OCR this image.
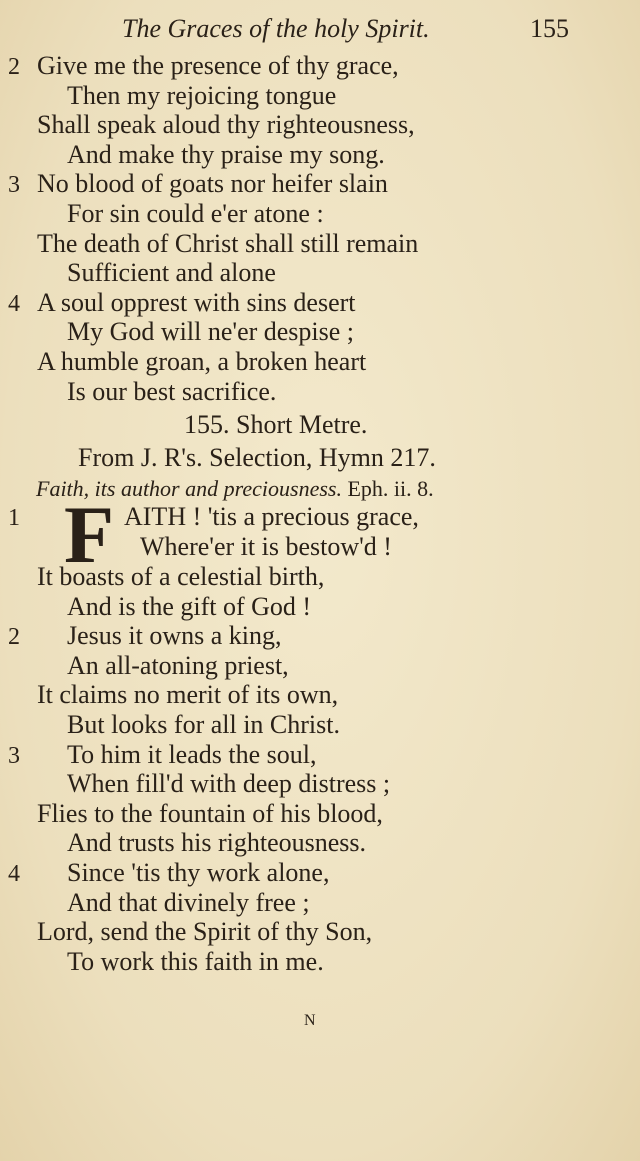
The Graces of the holy Spirit.	155
2 Give me the presence of thy grace,
Then my rejoicing tongue
Shall speak aloud thy righteousness,
And make thy praise my song.
3 No blood of goats nor heifer slain
For sin could e'er atone :
The death of Christ shall still remain
Sufficient and alone
4 A soul opprest with sins desert
My God will ne'er despise ;
A humble groan, a broken heart
Is our best sacrifice.
155. Short Metre.
From J. R's. Selection, Hymn 217.
Faith, its author and preciousness. Eph. ii. 8.
1 F AITH ! 'tis a precious grace,
Where'er it is bestow'd !
It boasts of a celestial birth,
And is the gift of God !
2 Jesus it owns a king,
An all-atoning priest,
It claims no merit of its own,
But looks for all in Christ.
3 To him it leads the soul,
When fill'd with deep distress ;
Flies to the fountain of his blood,
And trusts his righteousness.
4 Since 'tis thy work alone,
And that divinely free ;
Lord, send the Spirit of thy Son,
To work this faith in me.
N
